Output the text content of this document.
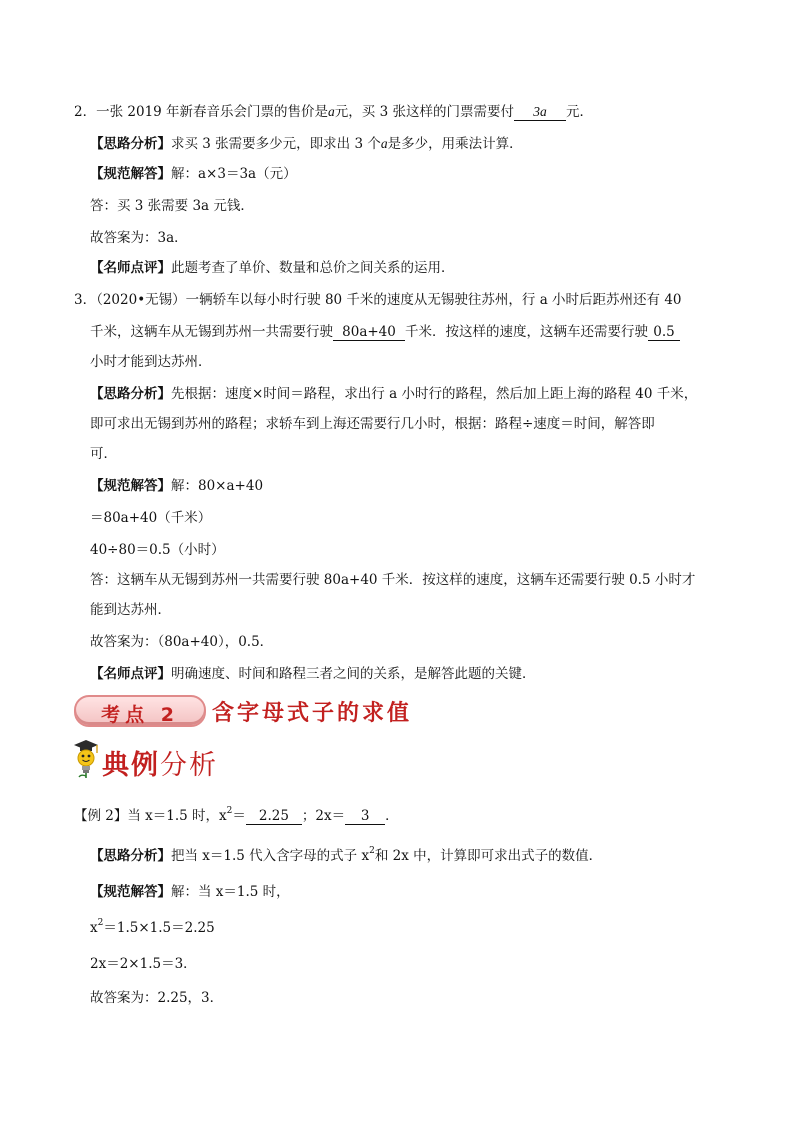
2．一张 2019 年新春音乐会门票的售价是a元，买 3 张这样的门票需要付 3a 元．
【思路分析】求买 3 张需要多少元，即求出 3 个a是多少，用乘法计算．
【规范解答】解：a×3＝3a（元）
答：买 3 张需要 3a 元钱．
故答案为：3a．
【名师点评】此题考查了单价、数量和总价之间关系的运用．
3．（2020•无锡）一辆轿车以每小时行驶 80 千米的速度从无锡驶往苏州，行 a 小时后距苏州还有 40
千米，这辆车从无锡到苏州一共需要行驶 80a+40 千米．按这样的速度，这辆车还需要行驶 0.5
小时才能到达苏州．
【思路分析】先根据：速度×时间＝路程，求出行 a 小时行的路程，然后加上距上海的路程 40 千米，
即可求出无锡到苏州的路程；求轿车到上海还需要行几小时，根据：路程÷速度＝时间，解答即
可．
【规范解答】解：80×a+40
＝80a+40（千米）
40÷80＝0.5（小时）
答：这辆车从无锡到苏州一共需要行驶 80a+40 千米．按这样的速度，这辆车还需要行驶 0.5 小时才
能到达苏州．
故答案为：（80a+40），0.5．
【名师点评】明确速度、时间和路程三者之间的关系，是解答此题的关键．
考点 2	含字母式子的求值
典例分析
【例 2】当 x＝1.5 时，$x^2= 2.25$ ；2x＝ 3 ．
【思路分析】把当 x＝1.5 代入含字母的式子 $x^2$和 2x 中，计算即可求出式子的数值．
【规范解答】解：当 x＝1.5 时，
$x^2=1.5\times 1.5=2.25$
2x＝2×1.5＝3．
故答案为：2.25，3．
